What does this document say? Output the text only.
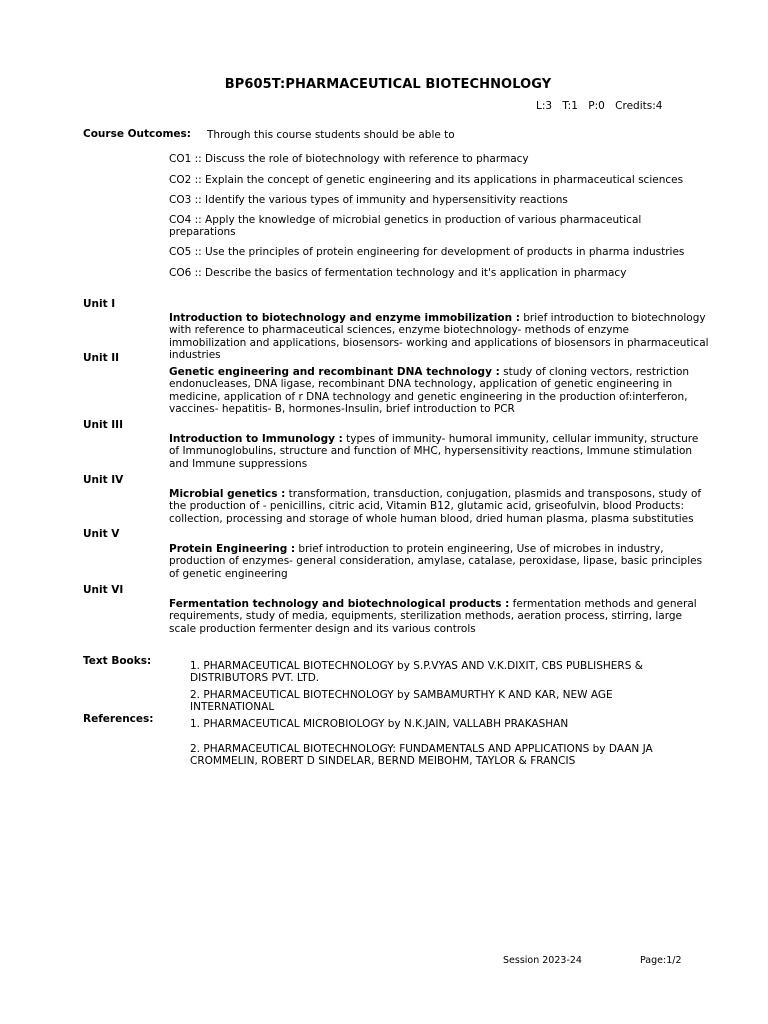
BP605T:PHARMACEUTICAL BIOTECHNOLOGY
L:3 T:1 P:0 Credits:4
Course Outcomes: Through this course students should be able to
CO1 :: Discuss the role of biotechnology with reference to pharmacy
CO2 :: Explain the concept of genetic engineering and its applications in pharmaceutical sciences
CO3 :: Identify the various types of immunity and hypersensitivity reactions
CO4 :: Apply the knowledge of microbial genetics in production of various pharmaceutical preparations
CO5 :: Use the principles of protein engineering for development of products in pharma industries
CO6 :: Describe the basics of fermentation technology and it's application in pharmacy
Unit I
Introduction to biotechnology and enzyme immobilization : brief introduction to biotechnology with reference to pharmaceutical sciences, enzyme biotechnology- methods of enzyme immobilization and applications, biosensors- working and applications of biosensors in pharmaceutical industries
Unit II
Genetic engineering and recombinant DNA technology : study of cloning vectors, restriction endonucleases, DNA ligase, recombinant DNA technology, application of genetic engineering in medicine, application of r DNA technology and genetic engineering in the production of:interferon, vaccines- hepatitis- B, hormones-Insulin, brief introduction to PCR
Unit III
Introduction to Immunology : types of immunity- humoral immunity, cellular immunity, structure of Immunoglobulins, structure and function of MHC, hypersensitivity reactions, Immune stimulation and Immune suppressions
Unit IV
Microbial genetics : transformation, transduction, conjugation, plasmids and transposons, study of the production of - penicillins, citric acid, Vitamin B12, glutamic acid, griseofulvin, blood Products: collection, processing and storage of whole human blood, dried human plasma, plasma substituties
Unit V
Protein Engineering : brief introduction to protein engineering, Use of microbes in industry, production of enzymes- general consideration, amylase, catalase, peroxidase, lipase, basic principles of genetic engineering
Unit VI
Fermentation technology and biotechnological products : fermentation methods and general requirements, study of media, equipments, sterilization methods, aeration process, stirring, large scale production fermenter design and its various controls
Text Books:	1. PHARMACEUTICAL BIOTECHNOLOGY by S.P.VYAS AND V.K.DIXIT, CBS PUBLISHERS & DISTRIBUTORS PVT. LTD.
2. PHARMACEUTICAL BIOTECHNOLOGY by SAMBAMURTHY K AND KAR, NEW AGE INTERNATIONAL
References:	1. PHARMACEUTICAL MICROBIOLOGY by N.K.JAIN, VALLABH PRAKASHAN
2. PHARMACEUTICAL BIOTECHNOLOGY: FUNDAMENTALS AND APPLICATIONS by DAAN JA CROMMELIN, ROBERT D SINDELAR, BERND MEIBOHM, TAYLOR & FRANCIS
Session 2023-24	Page:1/2
